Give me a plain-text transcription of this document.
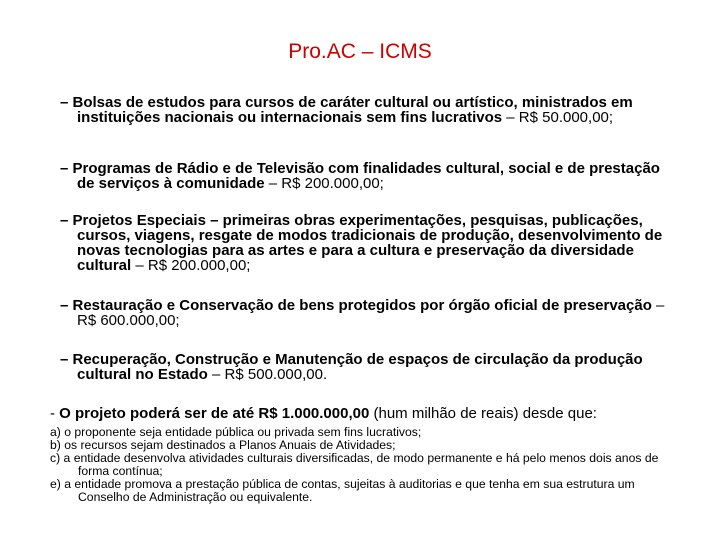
Pro.AC – ICMS
– Bolsas de estudos para cursos de caráter cultural ou artístico, ministrados em instituições nacionais ou internacionais sem fins lucrativos – R$ 50.000,00;
– Programas de Rádio e de Televisão com finalidades cultural, social e de prestação de serviços à comunidade – R$ 200.000,00;
– Projetos Especiais – primeiras obras experimentações, pesquisas, publicações, cursos, viagens, resgate de modos tradicionais de produção, desenvolvimento de novas tecnologias para as artes e para a cultura e preservação da diversidade cultural – R$ 200.000,00;
– Restauração e Conservação de bens protegidos por órgão oficial de preservação – R$ 600.000,00;
– Recuperação, Construção e Manutenção de espaços de circulação da produção cultural no Estado – R$ 500.000,00.
- O projeto poderá ser de até R$ 1.000.000,00 (hum milhão de reais) desde que:
a) o proponente seja entidade pública ou privada sem fins lucrativos;
b) os recursos sejam destinados a Planos Anuais de Atividades;
c) a entidade desenvolva atividades culturais diversificadas, de modo permanente e há pelo menos dois anos de forma contínua;
e) a entidade promova a prestação pública de contas, sujeitas à auditorias e que tenha em sua estrutura um Conselho de Administração ou equivalente.
